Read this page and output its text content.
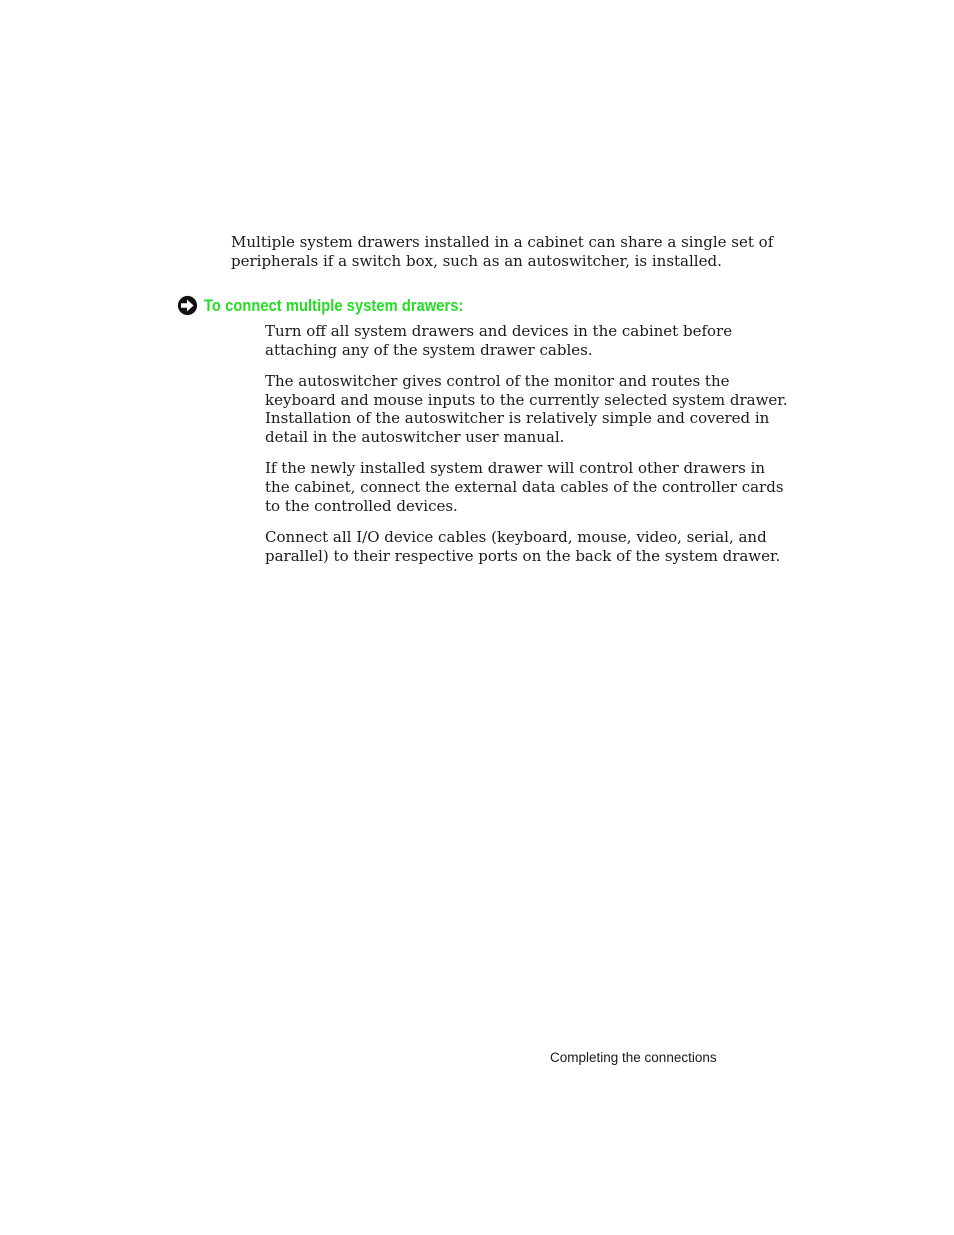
Multiple system drawers installed in a cabinet can share a single set of peripherals if a switch box, such as an autoswitcher, is installed.

To connect multiple system drawers:
Turn off all system drawers and devices in the cabinet before attaching any of the system drawer cables.
The autoswitcher gives control of the monitor and routes the keyboard and mouse inputs to the currently selected system drawer. Installation of the autoswitcher is relatively simple and covered in detail in the autoswitcher user manual.
If the newly installed system drawer will control other drawers in the cabinet, connect the external data cables of the controller cards to the controlled devices.
Connect all I/O device cables (keyboard, mouse, video, serial, and parallel) to their respective ports on the back of the system drawer.
Completing the connections
